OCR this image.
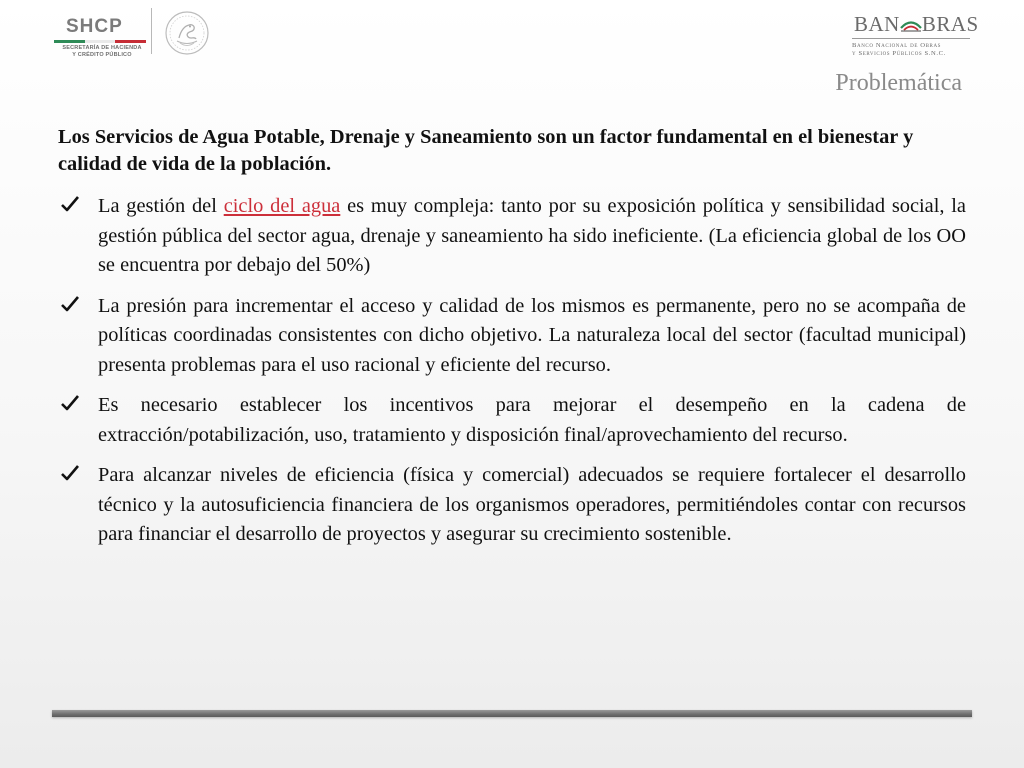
SHCP
SECRETARÍA DE HACIENDA
Y CRÉDITO PÚBLICO
BAN BRAS
Banco Nacional de Obras
y Servicios Públicos S.N.C.
Problemática

Los Servicios de Agua Potable, Drenaje y Saneamiento son un factor fundamental en el bienestar y calidad de vida de la población.

La gestión del ciclo del agua es muy compleja: tanto por su exposición política y sensibilidad social, la gestión pública del sector agua, drenaje y saneamiento ha sido ineficiente. (La eficiencia global de los OO se encuentra por debajo del 50%)
La presión para incrementar el acceso y calidad de los mismos es permanente, pero no se acompaña de políticas coordinadas consistentes con dicho objetivo. La naturaleza local del sector (facultad municipal) presenta problemas para el uso racional y eficiente del recurso.
Es necesario establecer los incentivos para mejorar el desempeño en la cadena de extracción/potabilización, uso, tratamiento y disposición final/aprovechamiento del recurso.
Para alcanzar niveles de eficiencia (física y comercial) adecuados se requiere fortalecer el desarrollo técnico y la autosuficiencia financiera de los organismos operadores, permitiéndoles contar con recursos para financiar el desarrollo de proyectos y asegurar su crecimiento sostenible.
